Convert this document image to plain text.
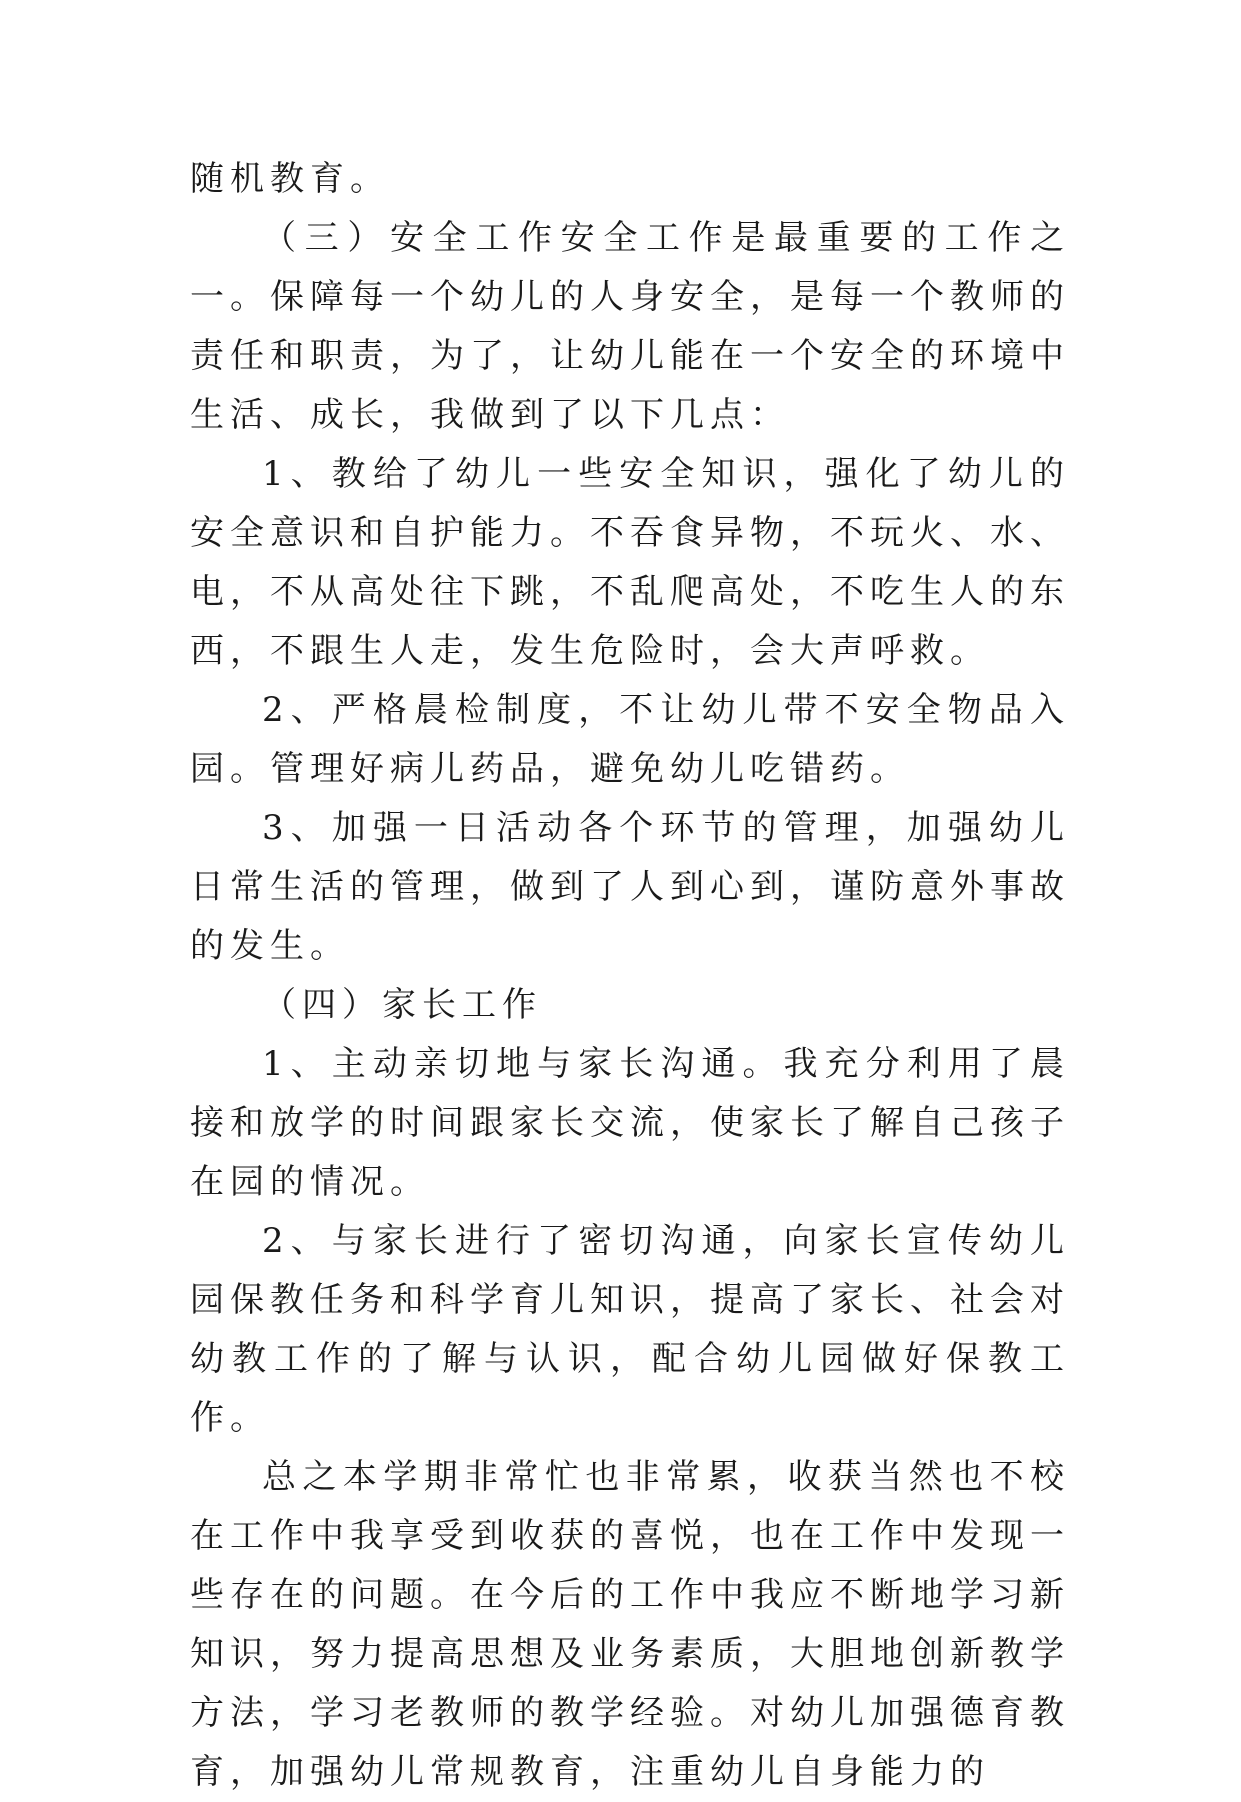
随机教育。

（三）安全工作安全工作是最重要的工作之一。保障每一个幼儿的人身安全，是每一个教师的责任和职责，为了，让幼儿能在一个安全的环境中生活、成长，我做到了以下几点：

1、教给了幼儿一些安全知识，强化了幼儿的安全意识和自护能力。不吞食异物，不玩火、水、电，不从高处往下跳，不乱爬高处，不吃生人的东西，不跟生人走，发生危险时，会大声呼救。

2、严格晨检制度，不让幼儿带不安全物品入园。管理好病儿药品，避免幼儿吃错药。

3、加强一日活动各个环节的管理，加强幼儿日常生活的管理，做到了人到心到，谨防意外事故的发生。

（四）家长工作

1、主动亲切地与家长沟通。我充分利用了晨接和放学的时间跟家长交流，使家长了解自己孩子在园的情况。

2、与家长进行了密切沟通，向家长宣传幼儿园保教任务和科学育儿知识，提高了家长、社会对幼教工作的了解与认识，配合幼儿园做好保教工作。

总之本学期非常忙也非常累，收获当然也不校在工作中我享受到收获的喜悦，也在工作中发现一些存在的问题。在今后的工作中我应不断地学习新知识，努力提高思想及业务素质，大胆地创新教学方法，学习老教师的教学经验。对幼儿加强德育教育，加强幼儿常规教育，注重幼儿自身能力的
